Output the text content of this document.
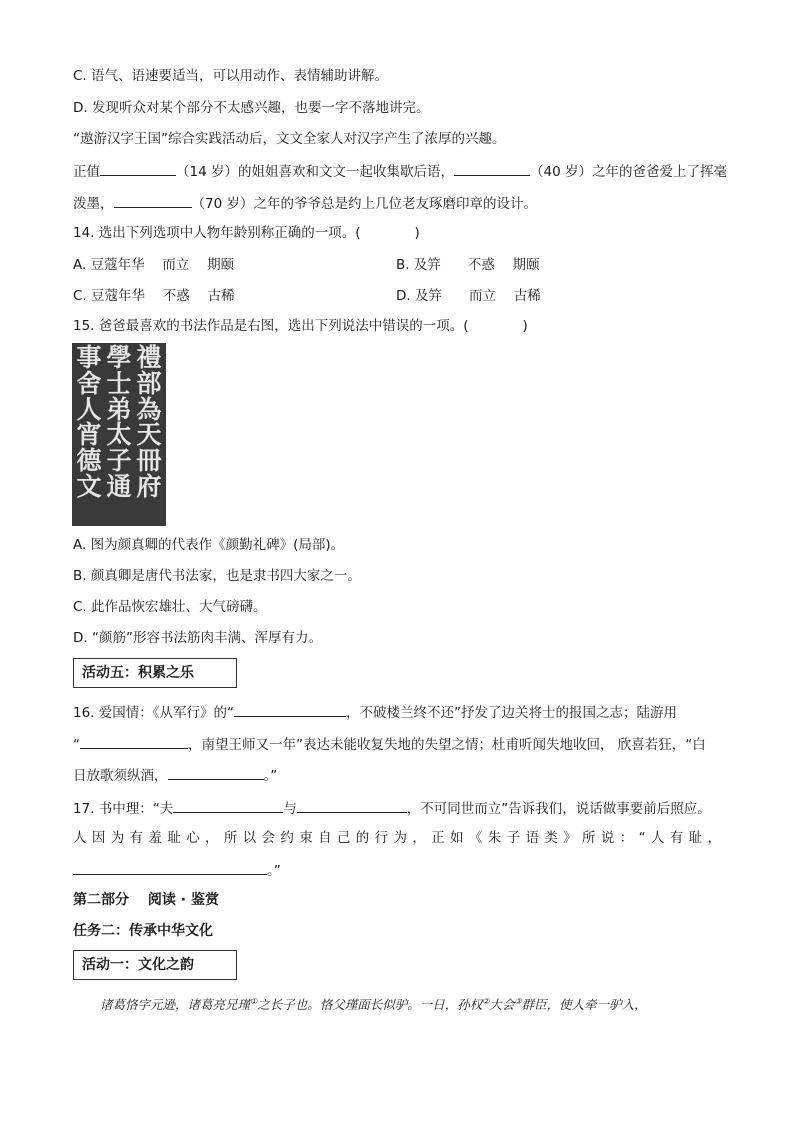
C. 语气、语速要适当，可以用动作、表情辅助讲解。
D. 发现听众对某个部分不太感兴趣，也要一字不落地讲完。
“遨游汉字王国”综合实践活动后，文文全家人对汉字产生了浓厚的兴趣。
正值	（14 岁）的姐姐喜欢和文文一起收集歇后语，	（40 岁）之年的爸爸爱上了挥毫
泼墨，	（70 岁）之年的爷爷总是约上几位老友琢磨印章的设计。
14. 选出下列选项中人物年龄别称正确的一项。(　　　　)
A. 豆蔻年华　 而立　 期颐	B. 及笄　　不惑　 期颐
C. 豆蔻年华　 不惑　 古稀	D. 及笄　　而立　 古稀
15. 爸爸最喜欢的书法作品是右图，选出下列说法中错误的一项。(　　　　)
禮
部
為
天
冊
府
學
士
弟
太
子
通
事
舍
人
宵
德
文
A. 图为颜真卿的代表作《颜勤礼碑》(局部)。
B. 颜真卿是唐代书法家，也是隶书四大家之一。
C. 此作品恢宏雄壮、大气磅礴。
D. “颜筋”形容书法筋肉丰满、浑厚有力。
活动五：积累之乐
16. 爱国情：《从军行》的“	，不破楼兰终不还”抒发了边关将士的报国之志；陆游用
“	，南望王师又一年”表达未能收复失地的失望之情；杜甫听闻失地收回， 欣喜若狂，“白
日放歌须纵酒，	。”
17. 书中理：“夫	与	，不可同世而立”告诉我们，说话做事要前后照应。
人因为有羞耻心，所以会约束自己的行为，正如《朱子语类》所说：“人有耻，
。”
第二部分　 阅读 · 鉴赏
任务二：传承中华文化
活动一：文化之韵
诸葛恪字元逊，诸葛亮兄瑾①之长子也。恪父瑾面长似驴。一日，孙权②大会③群臣，使人牵一驴入，
